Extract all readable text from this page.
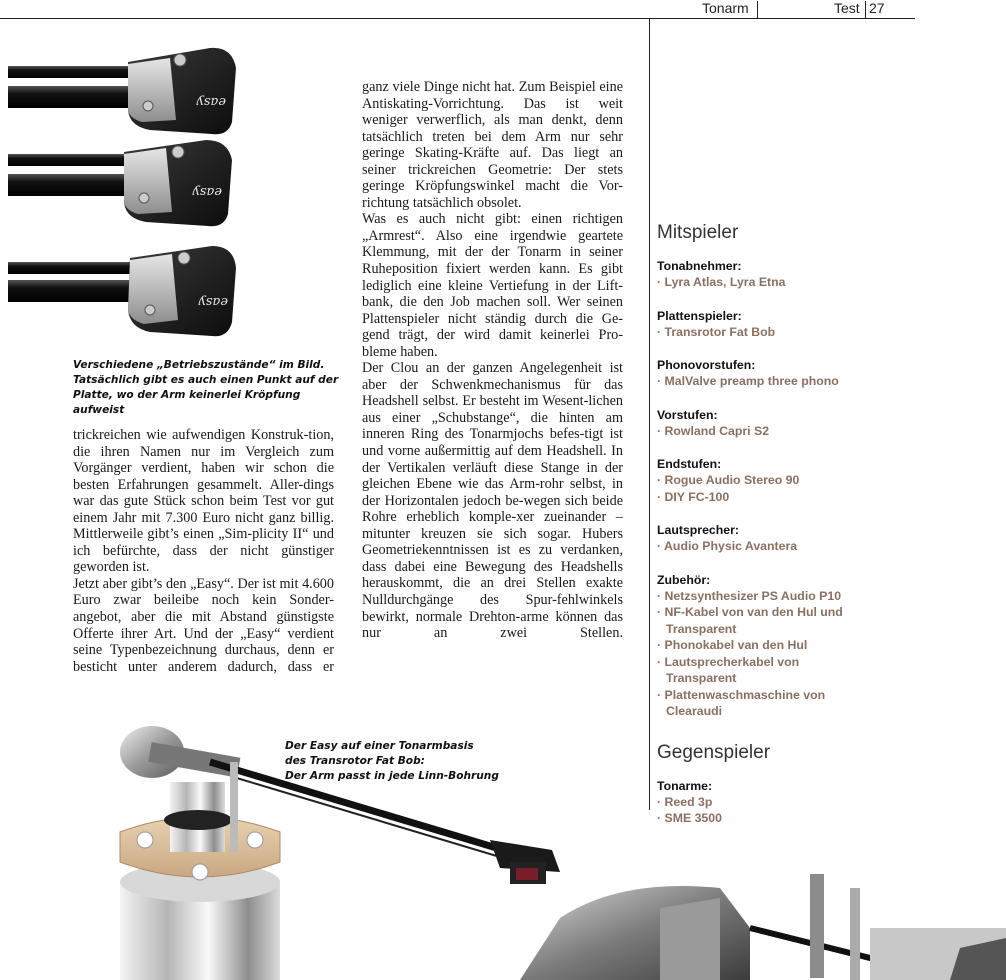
Tonarm	Test 27
easy
easy
easy
Verschiedene „Betriebszustände“ im Bild. Tatsächlich gibt es auch einen Punkt auf der Platte, wo der Arm keinerlei Kröpfung aufweist

trickreichen wie aufwendigen Konstruk-tion, die ihren Namen nur im Vergleich zum Vorgänger verdient, haben wir schon die besten Erfahrungen gesammelt. Aller-dings war das gute Stück schon beim Test vor gut einem Jahr mit 7.300 Euro nicht ganz billig. Mittlerweile gibt’s einen „Sim-plicity II“ und ich befürchte, dass der nicht günstiger geworden ist.

Jetzt aber gibt’s den „Easy“. Der ist mit 4.600 Euro zwar beileibe noch kein Sonder-angebot, aber die mit Abstand günstigste Offerte ihrer Art. Und der „Easy“ verdient seine Typenbezeichnung durchaus, denn er besticht unter anderem dadurch, dass er

ganz viele Dinge nicht hat. Zum Beispiel eine Antiskating-Vorrichtung. Das ist weit weniger verwerflich, als man denkt, denn tatsächlich treten bei dem Arm nur sehr geringe Skating-Kräfte auf. Das liegt an seiner trickreichen Geometrie: Der stets geringe Kröpfungswinkel macht die Vor-richtung tatsächlich obsolet.

Was es auch nicht gibt: einen richtigen „Armrest“. Also eine irgendwie geartete Klemmung, mit der der Tonarm in seiner Ruheposition fixiert werden kann. Es gibt lediglich eine kleine Vertiefung in der Lift-bank, die den Job machen soll. Wer seinen Plattenspieler nicht ständig durch die Ge-gend trägt, der wird damit keinerlei Pro-bleme haben.

Der Clou an der ganzen Angelegenheit ist aber der Schwenkmechanismus für das Headshell selbst. Er besteht im Wesent-lichen aus einer „Schubstange“, die hinten am inneren Ring des Tonarmjochs befes-tigt ist und vorne außermittig auf dem Headshell. In der Vertikalen verläuft diese Stange in der gleichen Ebene wie das Arm-rohr selbst, in der Horizontalen jedoch be-wegen sich beide Rohre erheblich komple-xer zueinander – mitunter kreuzen sie sich sogar. Hubers Geometriekenntnissen ist es zu verdanken, dass dabei eine Bewegung des Headshells herauskommt, die an drei Stellen exakte Nulldurchgänge des Spur-fehlwinkels bewirkt, normale Drehton-arme können das nur an zwei Stellen.

Mitspieler
Tonabnehmer:
· Lyra Atlas, Lyra Etna
Plattenspieler:
· Transrotor Fat Bob
Phonovorstufen:
· MalValve preamp three phono
Vorstufen:
· Rowland Capri S2
Endstufen:
· Rogue Audio Stereo 90
· DIY FC-100
Lautsprecher:
· Audio Physic Avantera
Zubehör:
· Netzsynthesizer PS Audio P10
· NF-Kabel von van den Hul und Transparent
· Phonokabel van den Hul
· Lautsprecherkabel von Transparent
· Plattenwaschmaschine von Clearaudi
Gegenspieler
Tonarme:
· Reed 3p
· SME 3500
Der Easy auf einer Tonarmbasis
des Transrotor Fat Bob:
Der Arm passt in jede Linn-Bohrung
